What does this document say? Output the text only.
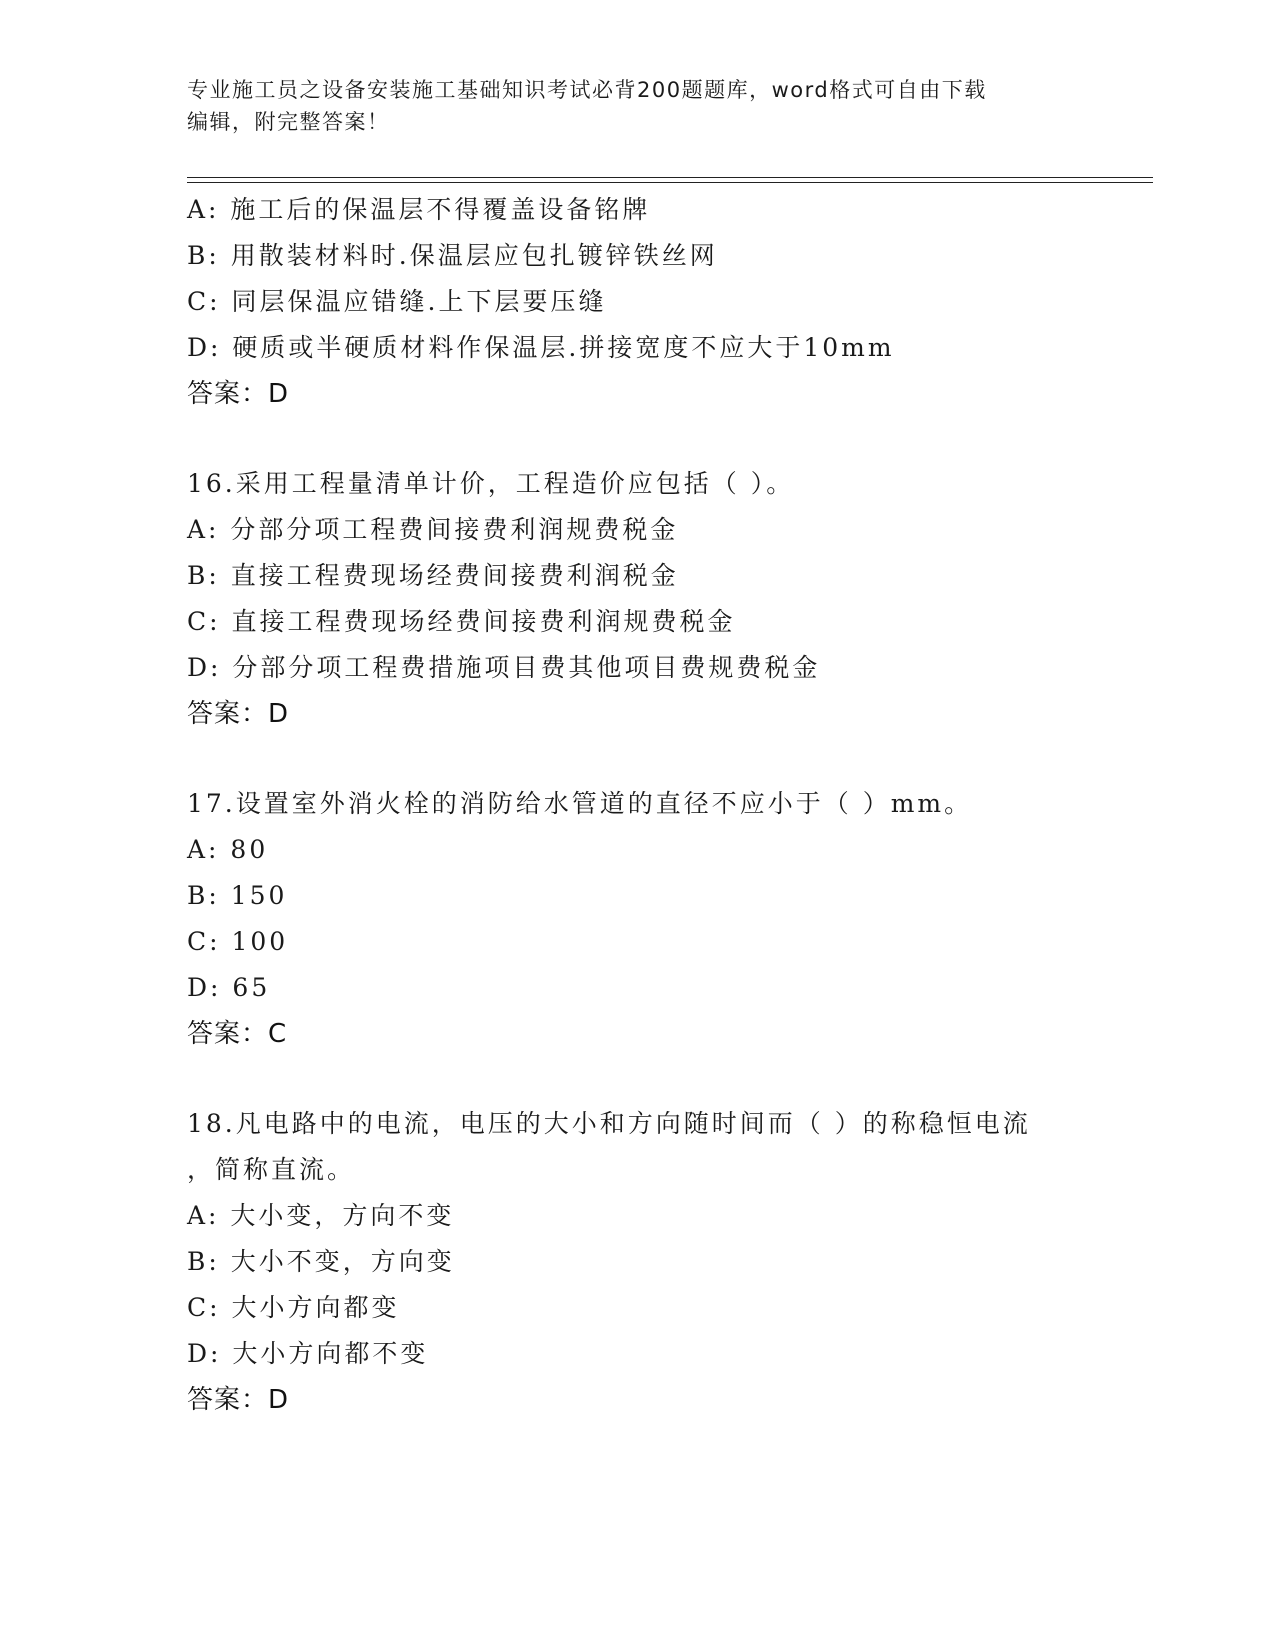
专业施工员之设备安装施工基础知识考试必背200题题库，word格式可自由下载
编辑，附完整答案！
A: 施工后的保温层不得覆盖设备铭牌
B: 用散装材料时.保温层应包扎镀锌铁丝网
C: 同层保温应错缝.上下层要压缝
D: 硬质或半硬质材料作保温层.拼接宽度不应大于10mm
答案：D
16.采用工程量清单计价，工程造价应包括（ ）。
A: 分部分项工程费间接费利润规费税金
B: 直接工程费现场经费间接费利润税金
C: 直接工程费现场经费间接费利润规费税金
D: 分部分项工程费措施项目费其他项目费规费税金
答案：D
17.设置室外消火栓的消防给水管道的直径不应小于（ ）mm。
A: 80
B: 150
C: 100
D: 65
答案：C
18.凡电路中的电流，电压的大小和方向随时间而（ ）的称稳恒电流
，简称直流。
A: 大小变，方向不变
B: 大小不变，方向变
C: 大小方向都变
D: 大小方向都不变
答案：D
